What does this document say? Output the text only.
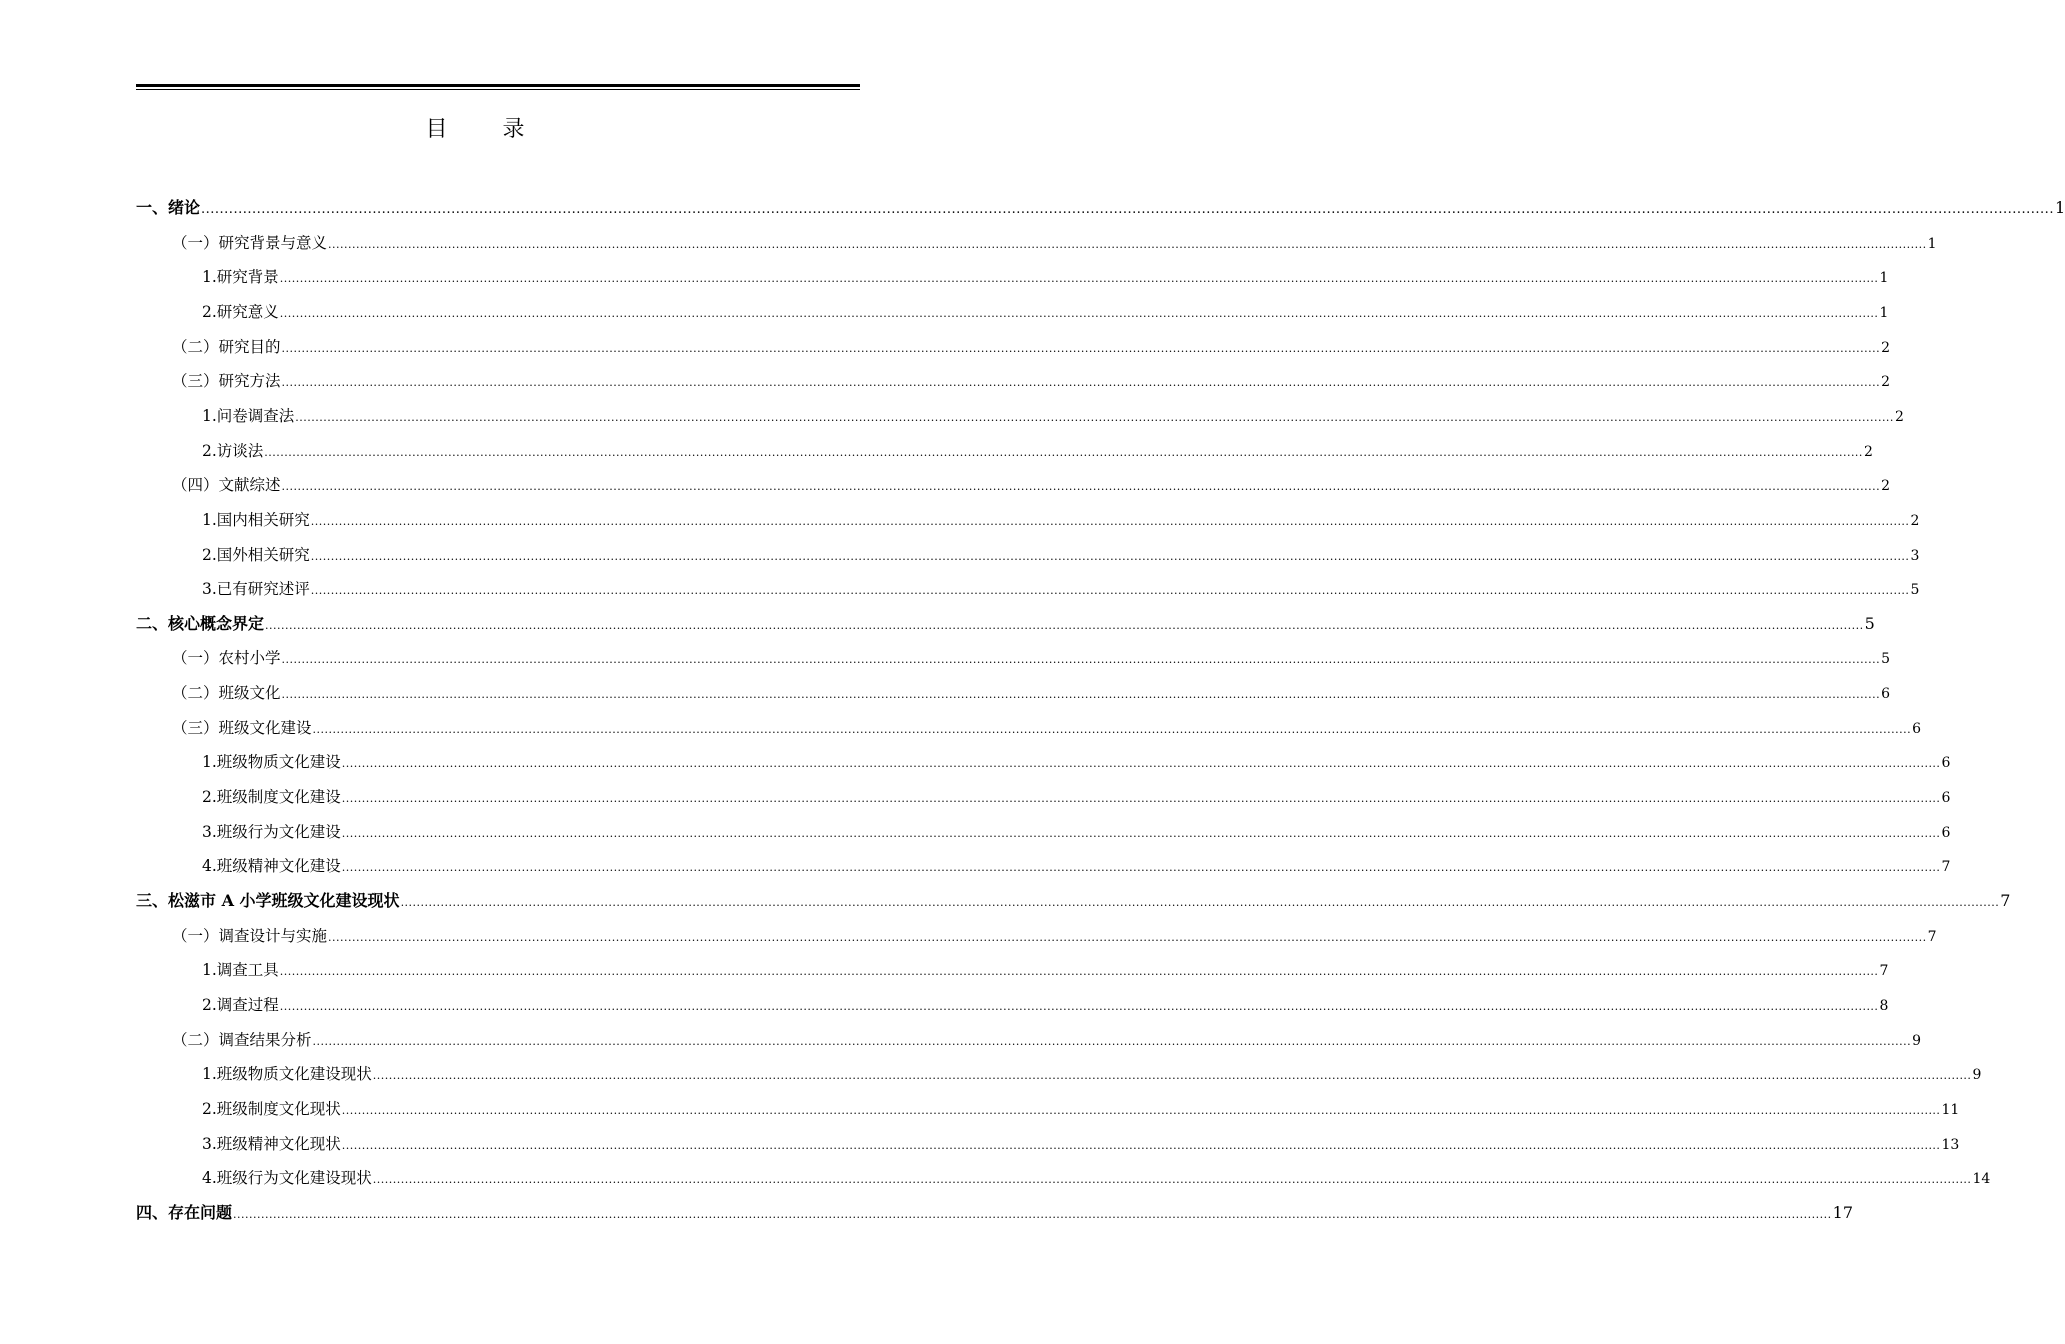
目 录
一、绪论 ................................................................................................................................................................................................................................................................................................................................................................................................................ 1
（一）研究背景与意义 ................................................................................................................................................................................................................................................................................................................................................................................................................ 1
1.研究背景 ................................................................................................................................................................................................................................................................................................................................................................................................................ 1
2.研究意义 ................................................................................................................................................................................................................................................................................................................................................................................................................ 1
（二）研究目的 ................................................................................................................................................................................................................................................................................................................................................................................................................ 2
（三）研究方法 ................................................................................................................................................................................................................................................................................................................................................................................................................ 2
1.问卷调查法 ................................................................................................................................................................................................................................................................................................................................................................................................................ 2
2.访谈法 ................................................................................................................................................................................................................................................................................................................................................................................................................ 2
（四）文献综述 ................................................................................................................................................................................................................................................................................................................................................................................................................ 2
1.国内相关研究 ................................................................................................................................................................................................................................................................................................................................................................................................................ 2
2.国外相关研究 ................................................................................................................................................................................................................................................................................................................................................................................................................ 3
3.已有研究述评 ................................................................................................................................................................................................................................................................................................................................................................................................................ 5
二、核心概念界定 ................................................................................................................................................................................................................................................................................................................................................................................................................ 5
（一）农村小学 ................................................................................................................................................................................................................................................................................................................................................................................................................ 5
（二）班级文化 ................................................................................................................................................................................................................................................................................................................................................................................................................ 6
（三）班级文化建设 ................................................................................................................................................................................................................................................................................................................................................................................................................ 6
1.班级物质文化建设 ................................................................................................................................................................................................................................................................................................................................................................................................................ 6
2.班级制度文化建设 ................................................................................................................................................................................................................................................................................................................................................................................................................ 6
3.班级行为文化建设 ................................................................................................................................................................................................................................................................................................................................................................................................................ 6
4.班级精神文化建设 ................................................................................................................................................................................................................................................................................................................................................................................................................ 7
三、松滋市 A 小学班级文化建设现状 ................................................................................................................................................................................................................................................................................................................................................................................................................ 7
（一）调查设计与实施 ................................................................................................................................................................................................................................................................................................................................................................................................................ 7
1.调查工具 ................................................................................................................................................................................................................................................................................................................................................................................................................ 7
2.调查过程 ................................................................................................................................................................................................................................................................................................................................................................................................................ 8
（二）调查结果分析 ................................................................................................................................................................................................................................................................................................................................................................................................................ 9
1.班级物质文化建设现状 ................................................................................................................................................................................................................................................................................................................................................................................................................ 9
2.班级制度文化现状 ................................................................................................................................................................................................................................................................................................................................................................................................................ 11
3.班级精神文化现状 ................................................................................................................................................................................................................................................................................................................................................................................................................ 13
4.班级行为文化建设现状 ................................................................................................................................................................................................................................................................................................................................................................................................................ 14
四、存在问题 ................................................................................................................................................................................................................................................................................................................................................................................................................ 17
